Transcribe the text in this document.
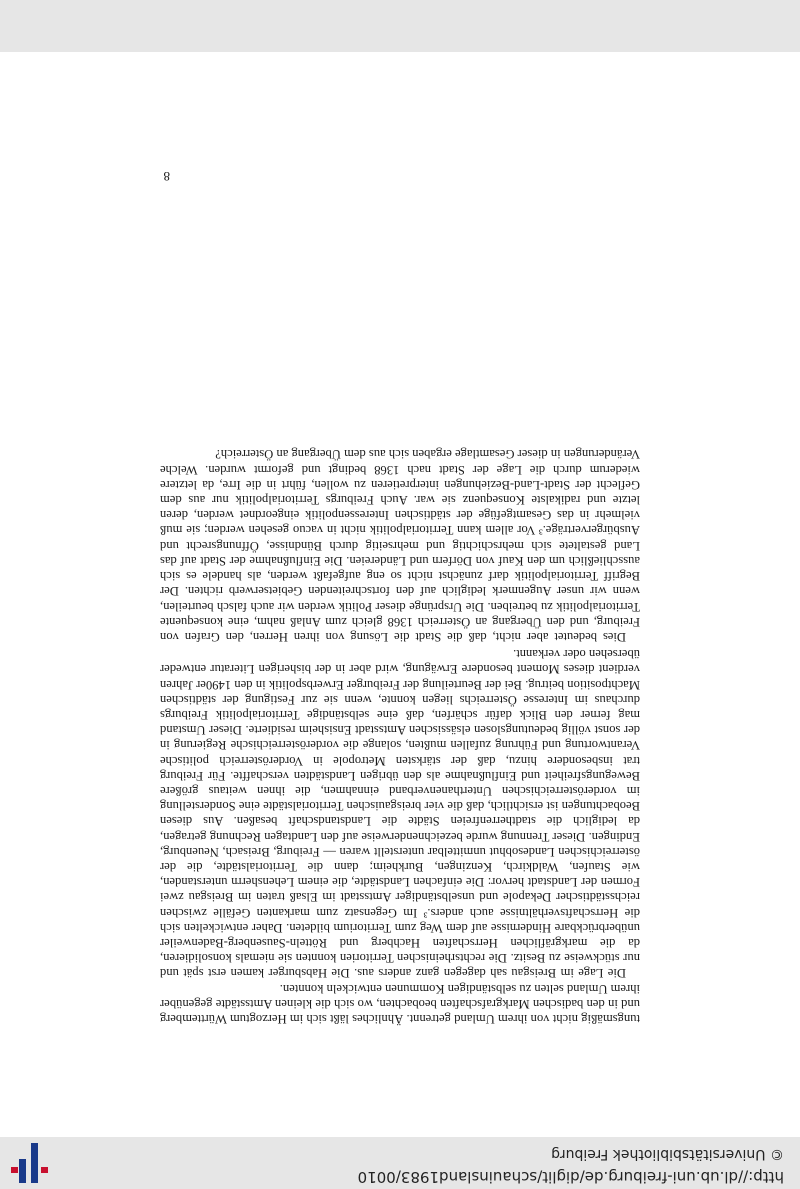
http://dl.ub.uni-freiburg.de/diglit/schauinsland1983/0010
© Universitätsbibliothek Freiburg

tungsmäßig nicht von ihrem Umland getrennt. Ähnliches läßt sich im Herzogtum Württemberg und in den badischen Markgrafschaften beobachten, wo sich die kleinen Amtsstädte gegenüber ihrem Umland selten zu selbständigen Kommunen entwickeln konnten.

Die Lage im Breisgau sah dagegen ganz anders aus. Die Habsburger kamen erst spät und nur stückweise zu Besitz. Die rechtsrheinischen Territorien konnten sie niemals konsolidieren, da die markgräflichen Herrschaften Hachberg und Rötteln-Sausenberg-Badenweiler unüberbrückbare Hindernisse auf dem Weg zum Territorium bildeten. Daher entwickelten sich die Herrschaftsverhältnisse auch anders.³ Im Gegensatz zum markanten Gefälle zwischen reichsstädtischer Dekapole und unselbständiger Amtsstadt im Elsaß traten im Breisgau zwei Formen der Landstadt hervor: Die einfachen Landstädte, die einem Lehensherrn unterstanden, wie Staufen, Waldkirch, Kenzingen, Burkheim; dann die Territorialstädte, die der österreichischen Landesobhut unmittelbar unterstellt waren — Freiburg, Breisach, Neuenburg, Endingen. Dieser Trennung wurde bezeichnenderweise auf den Landtagen Rechnung getragen, da lediglich die stadtherrenfreien Städte die Landstandschaft besaßen. Aus diesen Beobachtungen ist ersichtlich, daß die vier breisgauischen Territorialstädte eine Sonderstellung im vorderösterreichischen Unterthanenverband einnahmen, die ihnen weitaus größere Bewegungsfreiheit und Einflußnahme als den übrigen Landstädten verschaffte. Für Freiburg trat insbesondere hinzu, daß der stärksten Metropole in Vorderösterreich politische Verantwortung und Führung zufallen mußten, solange die vorderösterreichische Regierung in der sonst völlig bedeutungslosen elsässischen Amtsstadt Ensisheim residierte. Dieser Umstand mag ferner den Blick dafür schärfen, daß eine selbständige Territorialpolitik Freiburgs durchaus im Interesse Österreichs liegen konnte, wenn sie zur Festigung der städtischen Machtposition beitrug. Bei der Beurteilung der Freiburger Erwerbspolitik in den 1490er Jahren verdient dieses Moment besondere Erwägung, wird aber in der bisherigen Literatur entweder übersehen oder verkannt.

Dies bedeutet aber nicht, daß die Stadt die Lösung von ihren Herren, den Grafen von Freiburg, und den Übergang an Österreich 1368 gleich zum Anlaß nahm, eine konsequente Territorialpolitik zu betreiben. Die Ursprünge dieser Politik werden wir auch falsch beurteilen, wenn wir unser Augenmerk lediglich auf den fortschreitenden Gebietserwerb richten. Der Begriff Territorialpolitik darf zunächst nicht so eng aufgefaßt werden, als handele es sich ausschließlich um den Kauf von Dörfern und Ländereien. Die Einflußnahme der Stadt auf das Land gestaltete sich mehrschichtig und mehrseitig durch Bündnisse, Öffnungsrecht und Ausbürgerverträge.³ Vor allem kann Territorialpolitik nicht in vacuo gesehen werden; sie muß vielmehr in das Gesamtgefüge der städtischen Interessenpolitik eingeordnet werden, deren letzte und radikalste Konsequenz sie war. Auch Freiburgs Territorialpolitik nur aus dem Geflecht der Stadt-Land-Beziehungen interpretieren zu wollen, führt in die Irre, da letztere wiederum durch die Lage der Stadt nach 1368 bedingt und geformt wurden. Welche Veränderungen in dieser Gesamtlage ergaben sich aus dem Übergang an Österreich?

8
